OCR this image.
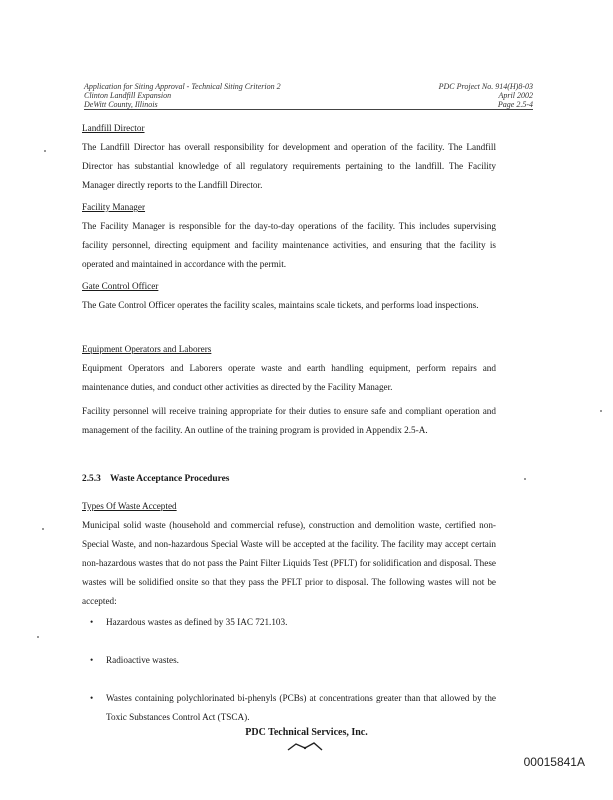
Application for Siting Approval - Technical Siting Criterion 2
Clinton Landfill Expansion
DeWitt County, Illinois
PDC Project No. 914(H)8-03
April 2002
Page 2.5-4

Landfill Director

The Landfill Director has overall responsibility for development and operation of the facility. The Landfill Director has substantial knowledge of all regulatory requirements pertaining to the landfill. The Facility Manager directly reports to the Landfill Director.

Facility Manager

The Facility Manager is responsible for the day-to-day operations of the facility. This includes supervising facility personnel, directing equipment and facility maintenance activities, and ensuring that the facility is operated and maintained in accordance with the permit.

Gate Control Officer

The Gate Control Officer operates the facility scales, maintains scale tickets, and performs load inspections.

Equipment Operators and Laborers

Equipment Operators and Laborers operate waste and earth handling equipment, perform repairs and maintenance duties, and conduct other activities as directed by the Facility Manager.

Facility personnel will receive training appropriate for their duties to ensure safe and compliant operation and management of the facility. An outline of the training program is provided in Appendix 2.5-A.

2.5.3 Waste Acceptance Procedures

Types Of Waste Accepted

Municipal solid waste (household and commercial refuse), construction and demolition waste, certified non-Special Waste, and non-hazardous Special Waste will be accepted at the facility. The facility may accept certain non-hazardous wastes that do not pass the Paint Filter Liquids Test (PFLT) for solidification and disposal. These wastes will be solidified onsite so that they pass the PFLT prior to disposal. The following wastes will not be accepted:

• Hazardous wastes as defined by 35 IAC 721.103.
• Radioactive wastes.
• Wastes containing polychlorinated bi-phenyls (PCBs) at concentrations greater than that allowed by the Toxic Substances Control Act (TSCA).
PDC Technical Services, Inc.
00015841A
